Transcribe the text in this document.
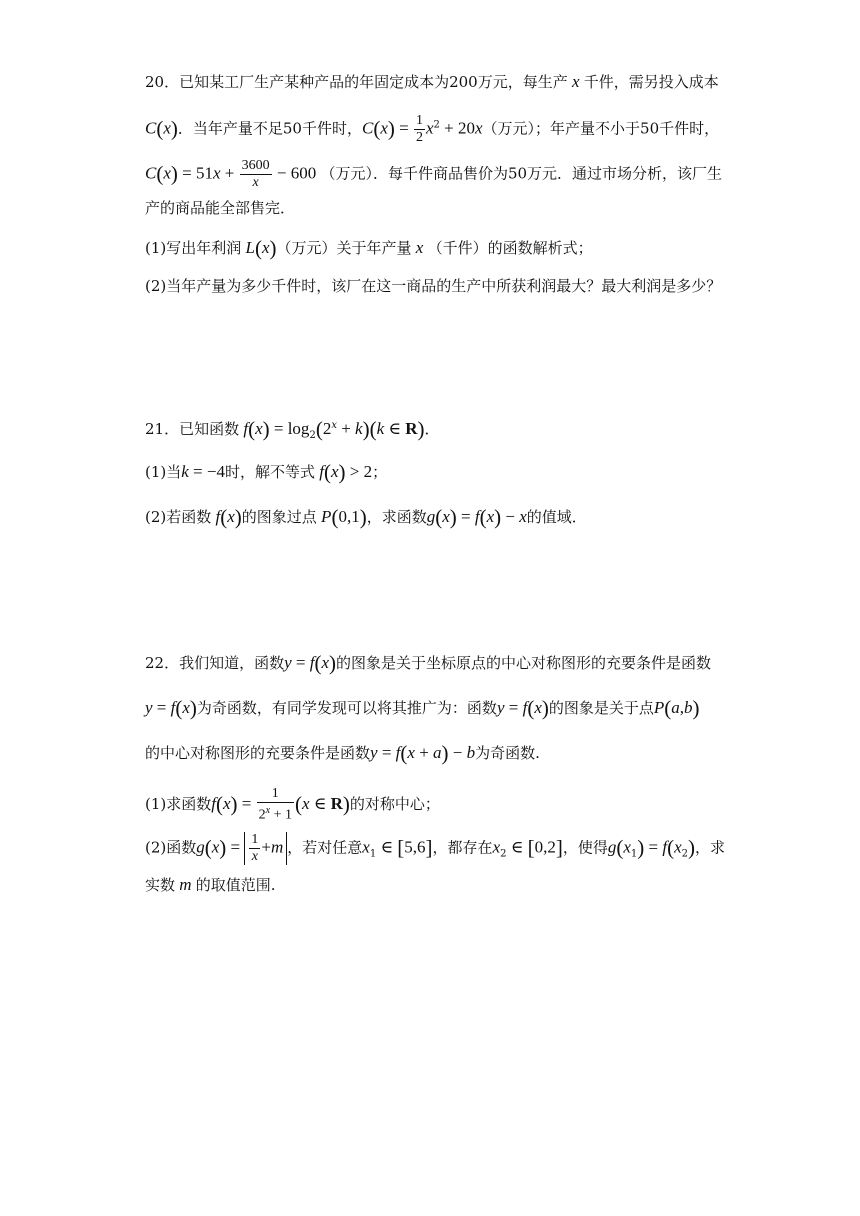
20．已知某工厂生产某种产品的年固定成本为200万元，每生产 x 千件，需另投入成本
C(x)．当年产量不足50千件时，$C(x) = \frac{1}{2} x^2 + 20x$（万元）；年产量不小于50千件时，
$C(x) = 51x + \frac{3600}{x} - 600$ （万元）．每千件商品售价为50万元．通过市场分析，该厂生
产的商品能全部售完．
(1)写出年利润 L(x)（万元）关于年产量 x （千件）的函数解析式；
(2)当年产量为多少千件时，该厂在这一商品的生产中所获利润最大？最大利润是多少？
21．已知函数 $f(x) = \log_2(2^x + k)(k$ ∈ R)．
(1)当k = −4时，解不等式 f(x) > 2；
(2)若函数 f(x)的图象过点 P(0,1)，求函数g(x) = f(x) − x的值域．
22．我们知道，函数y = f(x)的图象是关于坐标原点的中心对称图形的充要条件是函数
y = f(x)为奇函数，有同学发现可以将其推广为：函数y = f(x)的图象是关于点P(a,b)
的中心对称图形的充要条件是函数y = f(x + a) − b为奇函数.
(1)求函数$f(x) = \frac{1}{2^x + 1} (x$ ∈ R)的对称中心；
(2)函数$g(x) = \frac{1}{x} +m$ ，若对任意$x_1$ ∈ [5,6]，都存在$x_2$ ∈ [0,2]，使得$g(x_1) = f(x_2)$，求
实数 m 的取值范围.
